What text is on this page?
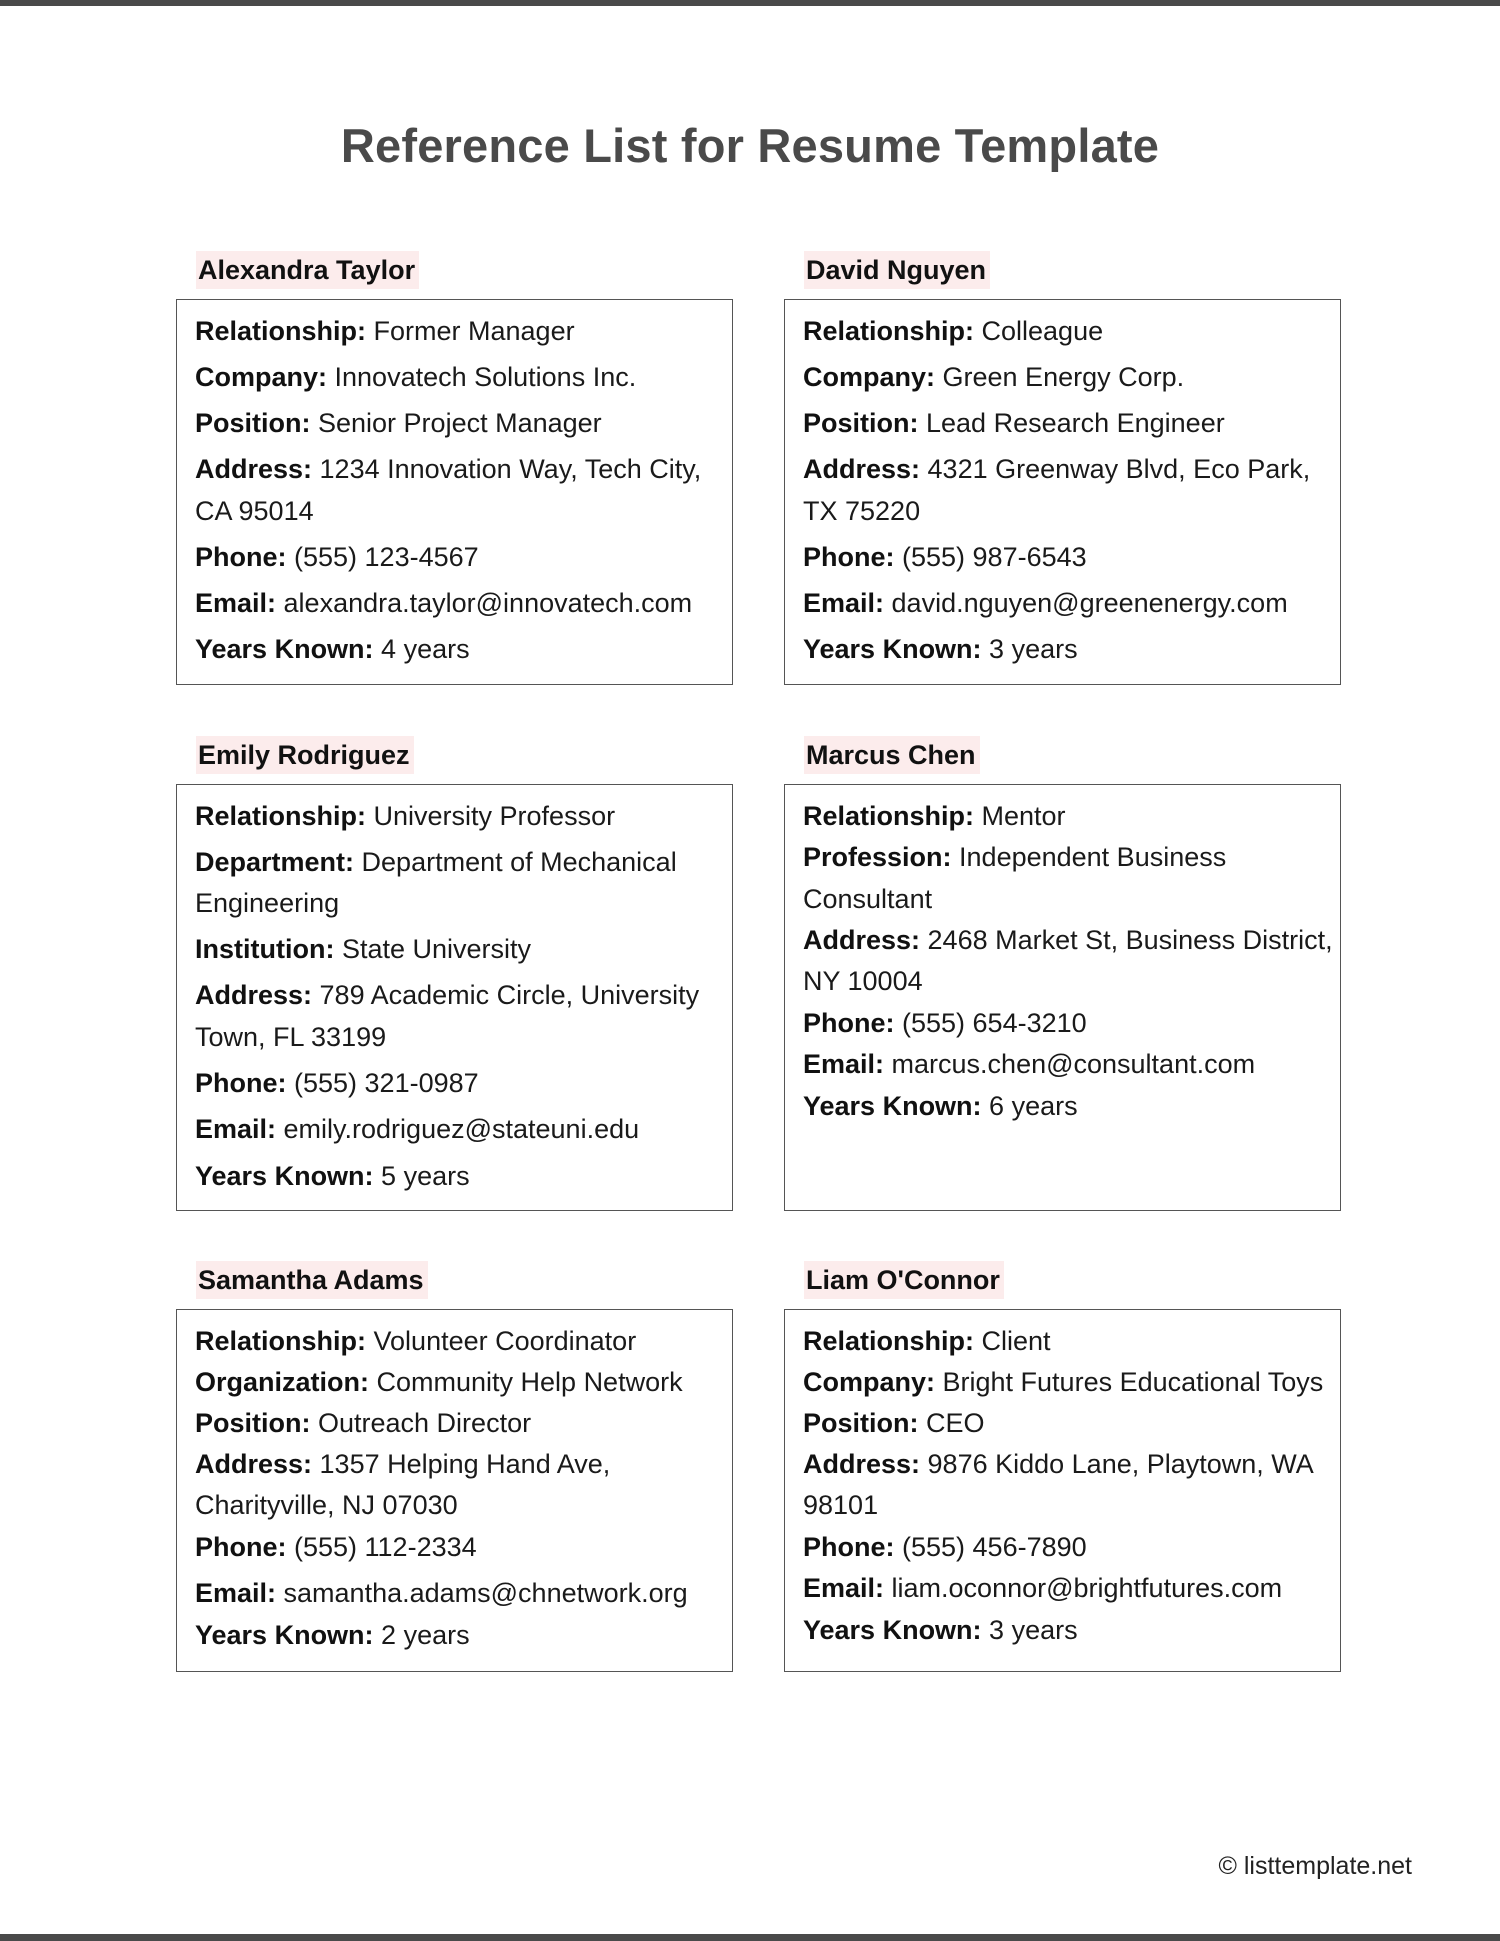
Reference List for Resume Template
Alexandra Taylor
Relationship: Former Manager
Company: Innovatech Solutions Inc.
Position: Senior Project Manager
Address: 1234 Innovation Way, Tech City,
CA 95014
Phone: (555) 123-4567
Email: alexandra.taylor@innovatech.com
Years Known: 4 years
David Nguyen
Relationship: Colleague
Company: Green Energy Corp.
Position: Lead Research Engineer
Address: 4321 Greenway Blvd, Eco Park,
TX 75220
Phone: (555) 987-6543
Email: david.nguyen@greenenergy.com
Years Known: 3 years
Emily Rodriguez
Relationship: University Professor
Department: Department of Mechanical
Engineering
Institution: State University
Address: 789 Academic Circle, University
Town, FL 33199
Phone: (555) 321-0987
Email: emily.rodriguez@stateuni.edu
Years Known: 5 years
Marcus Chen
Relationship: Mentor
Profession: Independent Business
Consultant
Address: 2468 Market St, Business District,
NY 10004
Phone: (555) 654-3210
Email: marcus.chen@consultant.com
Years Known: 6 years
Samantha Adams
Relationship: Volunteer Coordinator
Organization: Community Help Network
Position: Outreach Director
Address: 1357 Helping Hand Ave,
Charityville, NJ 07030
Phone: (555) 112-2334
Email: samantha.adams@chnetwork.org
Years Known: 2 years
Liam O'Connor
Relationship: Client
Company: Bright Futures Educational Toys
Position: CEO
Address: 9876 Kiddo Lane, Playtown, WA
98101
Phone: (555) 456-7890
Email: liam.oconnor@brightfutures.com
Years Known: 3 years
© listtemplate.net
